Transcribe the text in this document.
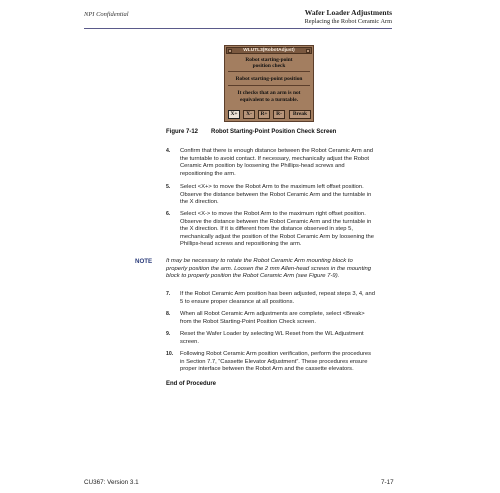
NPI Confidential	Wafer Loader Adjustments
Replacing the Robot Ceramic Arm
WLUTL3(RobotAdjust)
Robot starting-point
position check
Robot starting-point position
It checks that an arm is not
equivalent to a turntable.
X+	X-	R+	R-	Break
Figure 7-12 Robot Starting-Point Position Check Screen
4. Confirm that there is enough distance between the Robot Ceramic Arm and
the turntable to avoid contact. If necessary, mechanically adjust the Robot
Ceramic Arm position by loosening the Phillips-head screws and
repositioning the arm.
5. Select <X+> to move the Robot Arm to the maximum left offset position.
Observe the distance between the Robot Ceramic Arm and the turntable in
the X direction.
6. Select <X-> to move the Robot Arm to the maximum right offset position.
Observe the distance between the Robot Ceramic Arm and the turntable in
the X direction. If it is different from the distance observed in step 5,
mechanically adjust the position of the Robot Ceramic Arm by loosening the
Phillips-head screws and repositioning the arm.
NOTE It may be necessary to rotate the Robot Ceramic Arm mounting block to
properly position the arm. Loosen the 2 mm Allen-head screws in the mounting
block to properly position the Robot Ceramic Arm (see Figure 7-9).
7. If the Robot Ceramic Arm position has been adjusted, repeat steps 3, 4, and
5 to ensure proper clearance at all positions.
8. When all Robot Ceramic Arm adjustments are complete, select <Break>
from the Robot Starting-Point Position Check screen.
9. Reset the Wafer Loader by selecting WL Reset from the WL Adjustment
screen.
10. Following Robot Ceramic Arm position verification, perform the procedures
in Section 7.7, “Cassette Elevator Adjustment”. These procedures ensure
proper interface between the Robot Arm and the cassette elevators.
End of Procedure
CU367: Version 3.1	7-17
